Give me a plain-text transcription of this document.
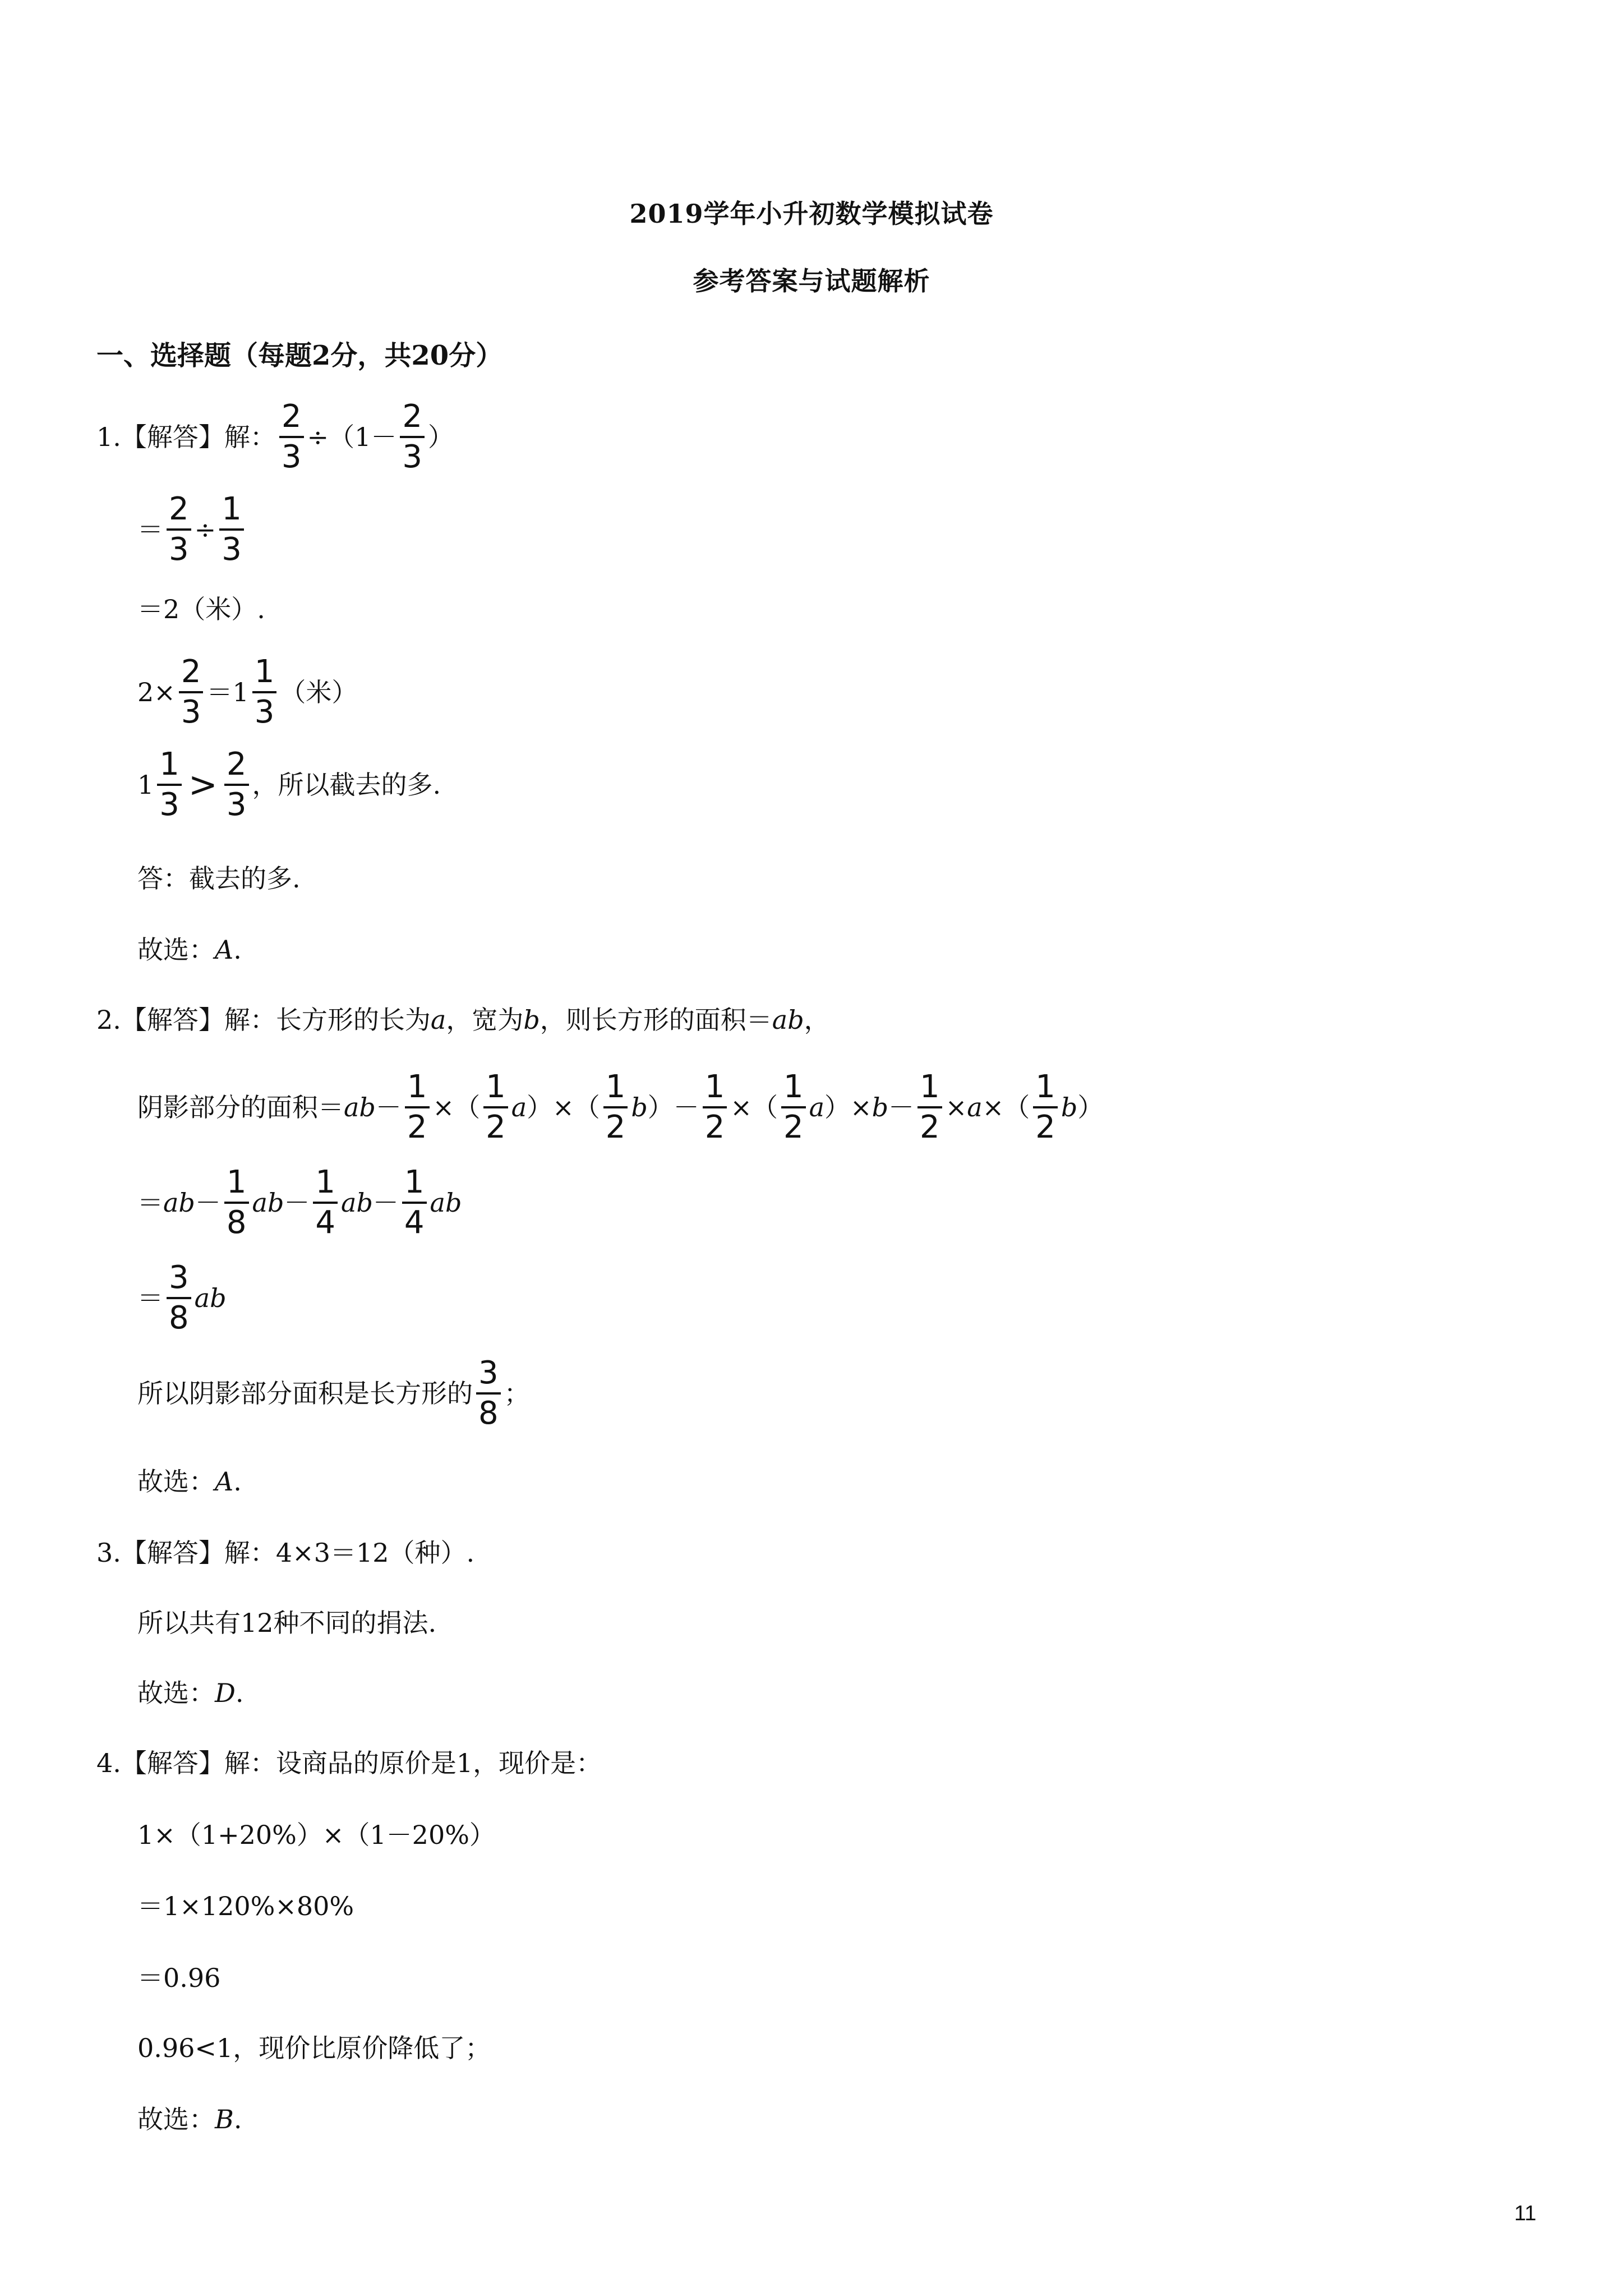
2019学年小升初数学模拟试卷
参考答案与试题解析
一、选择题（每题2分，共20分）
1.【解答】解： $\frac{2}{3} \div(1- \frac{2}{3}$ ）
＝ $\frac{2}{3} \div \frac{1}{3}$
＝2（米）.
$2\times \frac{2}{3} =1 \frac{1}{3}$ （米）
$1 \frac{1}{3} > \frac{2}{3}$ ，所以截去的多.
答：截去的多.
故选： A .
2.【解答】解：长方形的长为 a ，宽为 b ，则长方形的面积＝ ab ，
阴影部分的面积＝ ab － $\frac{1}{2}$ × （ $\frac{1}{2}$ a ） × （ $\frac{1}{2}$ b ） － $\frac{1}{2}$ × （ $\frac{1}{2}$ a ） × $b - \frac{1}{2} \times a$ × （ $\frac{1}{2}$ b ）
＝ ab － $\frac{1}{8}$ ab － $\frac{1}{4}$ ab － $\frac{1}{4}$ ab
＝ $\frac{3}{8}$ ab
所以阴影部分面积是长方形的 $\frac{3}{8}$ ；
故选： A .
3.【解答】解：4×3＝12（种）.
所以共有12种不同的捐法.
故选： D .
4.【解答】解：设商品的原价是1，现价是：
1×（1+20%）×（1－20%）
＝1×120%×80%
＝0.96
0.96<1，现价比原价降低了；
故选： B .
11
